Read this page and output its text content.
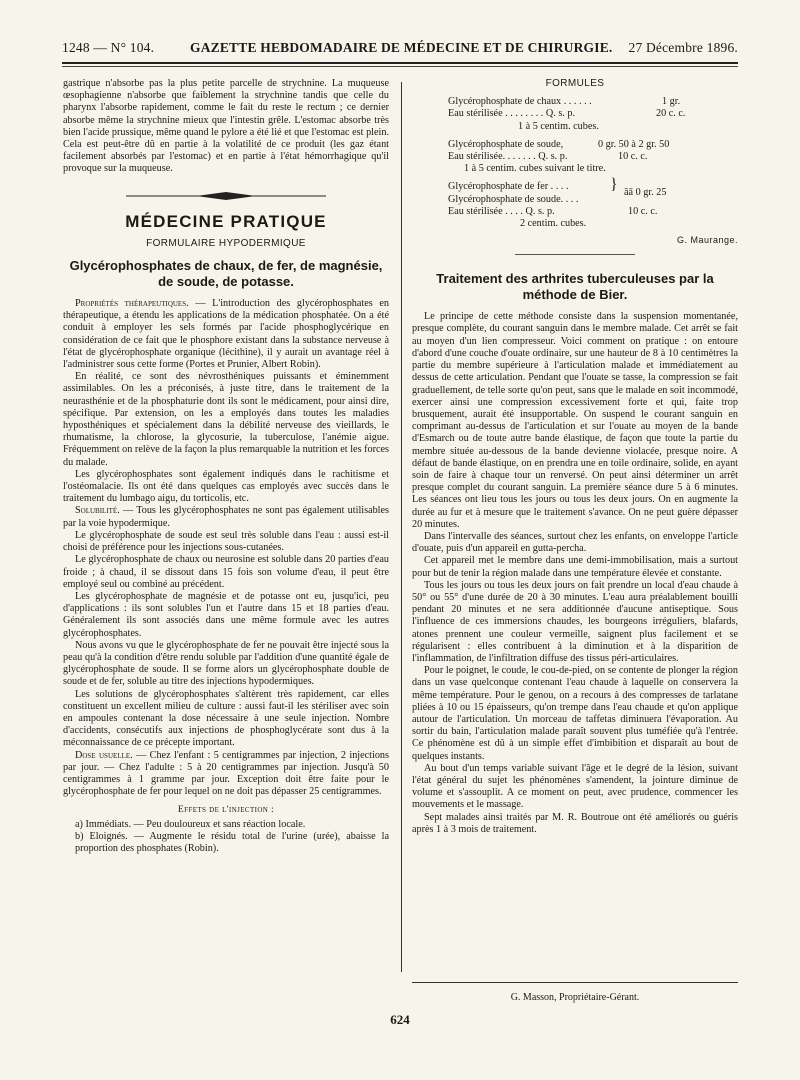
1248 — N° 104.	GAZETTE HEBDOMADAIRE DE MÉDECINE ET DE CHIRURGIE. 27 Décembre 1896.

gastrique n'absorbe pas la plus petite parcelle de strychnine. La muqueuse œsophagienne n'absorbe que faiblement la strychnine tandis que celle du pharynx l'absorbe rapidement, comme le fait du reste le rectum ; ce dernier absorbe même la strychnine mieux que l'intestin grêle. L'estomac absorbe très bien l'acide prussique, même quand le pylore a été lié et que l'estomac est plein. Cela est peut-être dû en partie à la volatilité de ce produit (les gaz étant facilement absorbés par l'estomac) et en partie à l'état hémorrhagique qu'il provoque sur la muqueuse.

MÉDECINE PRATIQUE
FORMULAIRE HYPODERMIQUE
Glycérophosphates de chaux, de fer, de magnésie, de soude, de potasse.

Propriétés thérapeutiques. — L'introduction des glycérophosphates en thérapeutique, a étendu les applications de la médication phosphatée. On a été conduit à employer les sels formés par l'acide phosphoglycérique en considération de ce fait que le phosphore existant dans la substance nerveuse à l'état de glycérophosphate organique (lécithine), il y aurait un avantage réel à l'administrer sous cette forme (Portes et Prunier, Albert Robin).

En réalité, ce sont des névrosthéniques puissants et éminemment assimilables. On les a préconisés, à juste titre, dans le traitement de la neurasthénie et de la phosphaturie dont ils sont le médicament, pour ainsi dire, spécifique. Par extension, on les a employés dans toutes les maladies hyposthéniques et spécialement dans la débilité nerveuse des vieillards, le rhumatisme, la chlorose, la glycosurie, la tuberculose, l'anémie aigue. Fréquemment on relève de la façon la plus remarquable la nutrition et les forces du malade.

Les glycérophosphates sont également indiqués dans le rachitisme et l'ostéomalacie. Ils ont été dans quelques cas employés avec succès dans le traitement du lumbago aigu, du torticolis, etc.

Solubilité. — Tous les glycérophosphates ne sont pas également utilisables par la voie hypodermique.

Le glycérophosphate de soude est seul très soluble dans l'eau : aussi est-il choisi de préférence pour les injections sous-cutanées.

Le glycérophosphate de chaux ou neurosine est soluble dans 20 parties d'eau froide ; à chaud, il se dissout dans 15 fois son volume d'eau, il peut être employé seul ou combiné au précédent.

Les glycérophosphate de magnésie et de potasse ont eu, jusqu'ici, peu d'applications : ils sont solubles l'un et l'autre dans 15 et 18 parties d'eau. Généralement ils sont associés dans une même formule avec les autres glycérophosphates.

Nous avons vu que le glycérophosphate de fer ne pouvait être injecté sous la peau qu'à la condition d'être rendu soluble par l'addition d'une quantité égale de glycérophosphate de soude. Il se forme alors un glycérophosphate double de soude et de fer, soluble au titre des injections hypodermiques.

Les solutions de glycérophosphates s'altèrent très rapidement, car elles constituent un excellent milieu de culture : aussi faut-il les stériliser avec soin en ampoules contenant la dose nécessaire à une seule injection. Nombre d'accidents, consécutifs aux injections de phosphoglycérate sont dus à la méconnaissance de ce précepte important.

Dose usuelle. — Chez l'enfant : 5 centigrammes par injection, 2 injections par jour. — Chez l'adulte : 5 à 20 centigrammes par injection. Jusqu'à 50 centigrammes à 1 gramme par jour. Exception doit être faite pour le glycérophosphate de fer pour lequel on ne doit pas dépasser 25 centigrammes.

Effets de l'injection :

a) Immédiats. — Peu douloureux et sans réaction locale.

b) Eloignés. — Augmente le résidu total de l'urine (urée), abaisse la proportion des phosphates (Robin).

FORMULES
Glycérophosphate de chaux . . . . . .	1 gr.
Eau stérilisée . . . . . . . . Q. s. p.	20 c. c.
1 à 5 centim. cubes.
Glycérophosphate de soude,	0 gr. 50 à 2 gr. 50
Eau stérilisée. . . . . . . Q. s. p.	10 c. c.
1 à 5 centim. cubes suivant le titre.
Glycérophosphate de fer . . . .	} āā 0 gr. 25
Glycérophosphate de soude. . . .
Eau stérilisée . . . . Q. s. p.	10 c. c.
2 centim. cubes.
G. Maurange.
Traitement des arthrites tuberculeuses par la méthode de Bier.

Le principe de cette méthode consiste dans la suspension momentanée, presque complète, du courant sanguin dans le membre malade. Cet arrêt se fait au moyen d'un lien compresseur. Voici comment on pratique : on entoure d'abord d'une couche d'ouate ordinaire, sur une hauteur de 8 à 10 centimètres la partie du membre supérieure à l'articulation malade et immédiatement au dessus de cette articulation. Pendant que l'ouate se tasse, la compression se fait graduellement, de telle sorte qu'on peut, sans que le malade en soit incommodé, exercer ainsi une compression excessivement forte et qui, faite trop brusquement, aurait été insupportable. On suspend le courant sanguin en comprimant au-dessus de l'articulation et sur l'ouate au moyen de la bande d'Esmarch ou de toute autre bande élastique, de façon que toute la partie du membre située au-dessous de la bande devienne violacée, presque noire. A défaut de bande élastique, on en prendra une en toile ordinaire, solide, en ayant soin de faire à chaque tour un renversé. On peut ainsi déterminer un arrêt presque complet du courant sanguin. La première séance dure 5 à 6 minutes. Les séances ont lieu tous les jours ou tous les deux jours. On en augmente la durée au fur et à mesure que le traitement s'avance. On ne peut guère dépasser 20 minutes.

Dans l'intervalle des séances, surtout chez les enfants, on enveloppe l'article d'ouate, puis d'un appareil en gutta-percha.

Cet appareil met le membre dans une demi-immobilisation, mais a surtout pour but de tenir la région malade dans une température élevée et constante.

Tous les jours ou tous les deux jours on fait prendre un local d'eau chaude à 50° ou 55° d'une durée de 20 à 30 minutes. L'eau aura préalablement bouilli pendant 20 minutes et ne sera additionnée d'aucune antiseptique. Sous l'influence de ces immersions chaudes, les bourgeons irréguliers, blafards, atones prennent une couleur vermeille, saignent plus facilement et se régularisent : elles contribuent à la diminution et à la disparition de l'inflammation, de l'infiltration diffuse des tissus péri-articulaires.

Pour le poignet, le coude, le cou-de-pied, on se contente de plonger la région dans un vase quelconque contenant l'eau chaude à laquelle on conservera la même température. Pour le genou, on a recours à des compresses de tarlatane pliées à 10 ou 15 épaisseurs, qu'on trempe dans l'eau chaude et qu'on applique autour de l'articulation. Un morceau de taffetas diminuera l'évaporation. Au sortir du bain, l'articulation malade paraît souvent plus tuméfiée qu'à l'entrée. Ce phénomène est dû à un simple effet d'imbibition et disparaît au bout de quelques instants.

Au bout d'un temps variable suivant l'âge et le degré de la lésion, suivant l'état général du sujet les phénomènes s'amendent, la jointure diminue de volume et s'assouplit. A ce moment on peut, avec prudence, commencer les mouvements et le massage.

Sept malades ainsi traités par M. R. Boutroue ont été améliorés ou guéris après 1 à 3 mois de traitement.

G. Masson, Propriétaire-Gérant.
624
